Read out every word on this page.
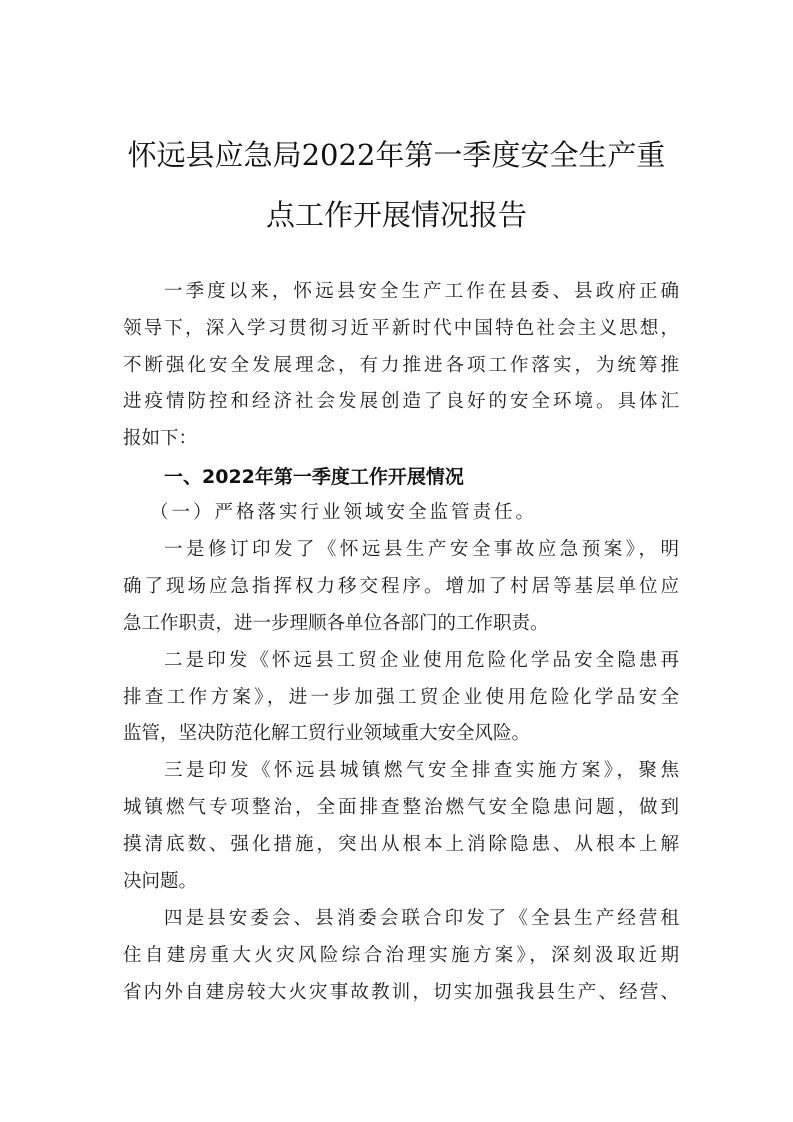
怀远县应急局2022年第一季度安全生产重
点工作开展情况报告
一季度以来，怀远县安全生产工作在县委、县政府正确
领导下，深入学习贯彻习近平新时代中国特色社会主义思想，
不断强化安全发展理念，有力推进各项工作落实，为统筹推
进疫情防控和经济社会发展创造了良好的安全环境。具体汇
报如下：
一、2022年第一季度工作开展情况
（一）严格落实行业领域安全监管责任。
一是修订印发了《怀远县生产安全事故应急预案》，明
确了现场应急指挥权力移交程序。增加了村居等基层单位应
急工作职责，进一步理顺各单位各部门的工作职责。
二是印发《怀远县工贸企业使用危险化学品安全隐患再
排查工作方案》，进一步加强工贸企业使用危险化学品安全
监管，坚决防范化解工贸行业领域重大安全风险。
三是印发《怀远县城镇燃气安全排查实施方案》，聚焦
城镇燃气专项整治，全面排查整治燃气安全隐患问题，做到
摸清底数、强化措施，突出从根本上消除隐患、从根本上解
决问题。
四是县安委会、县消委会联合印发了《全县生产经营租
住自建房重大火灾风险综合治理实施方案》，深刻汲取近期
省内外自建房较大火灾事故教训，切实加强我县生产、经营、
